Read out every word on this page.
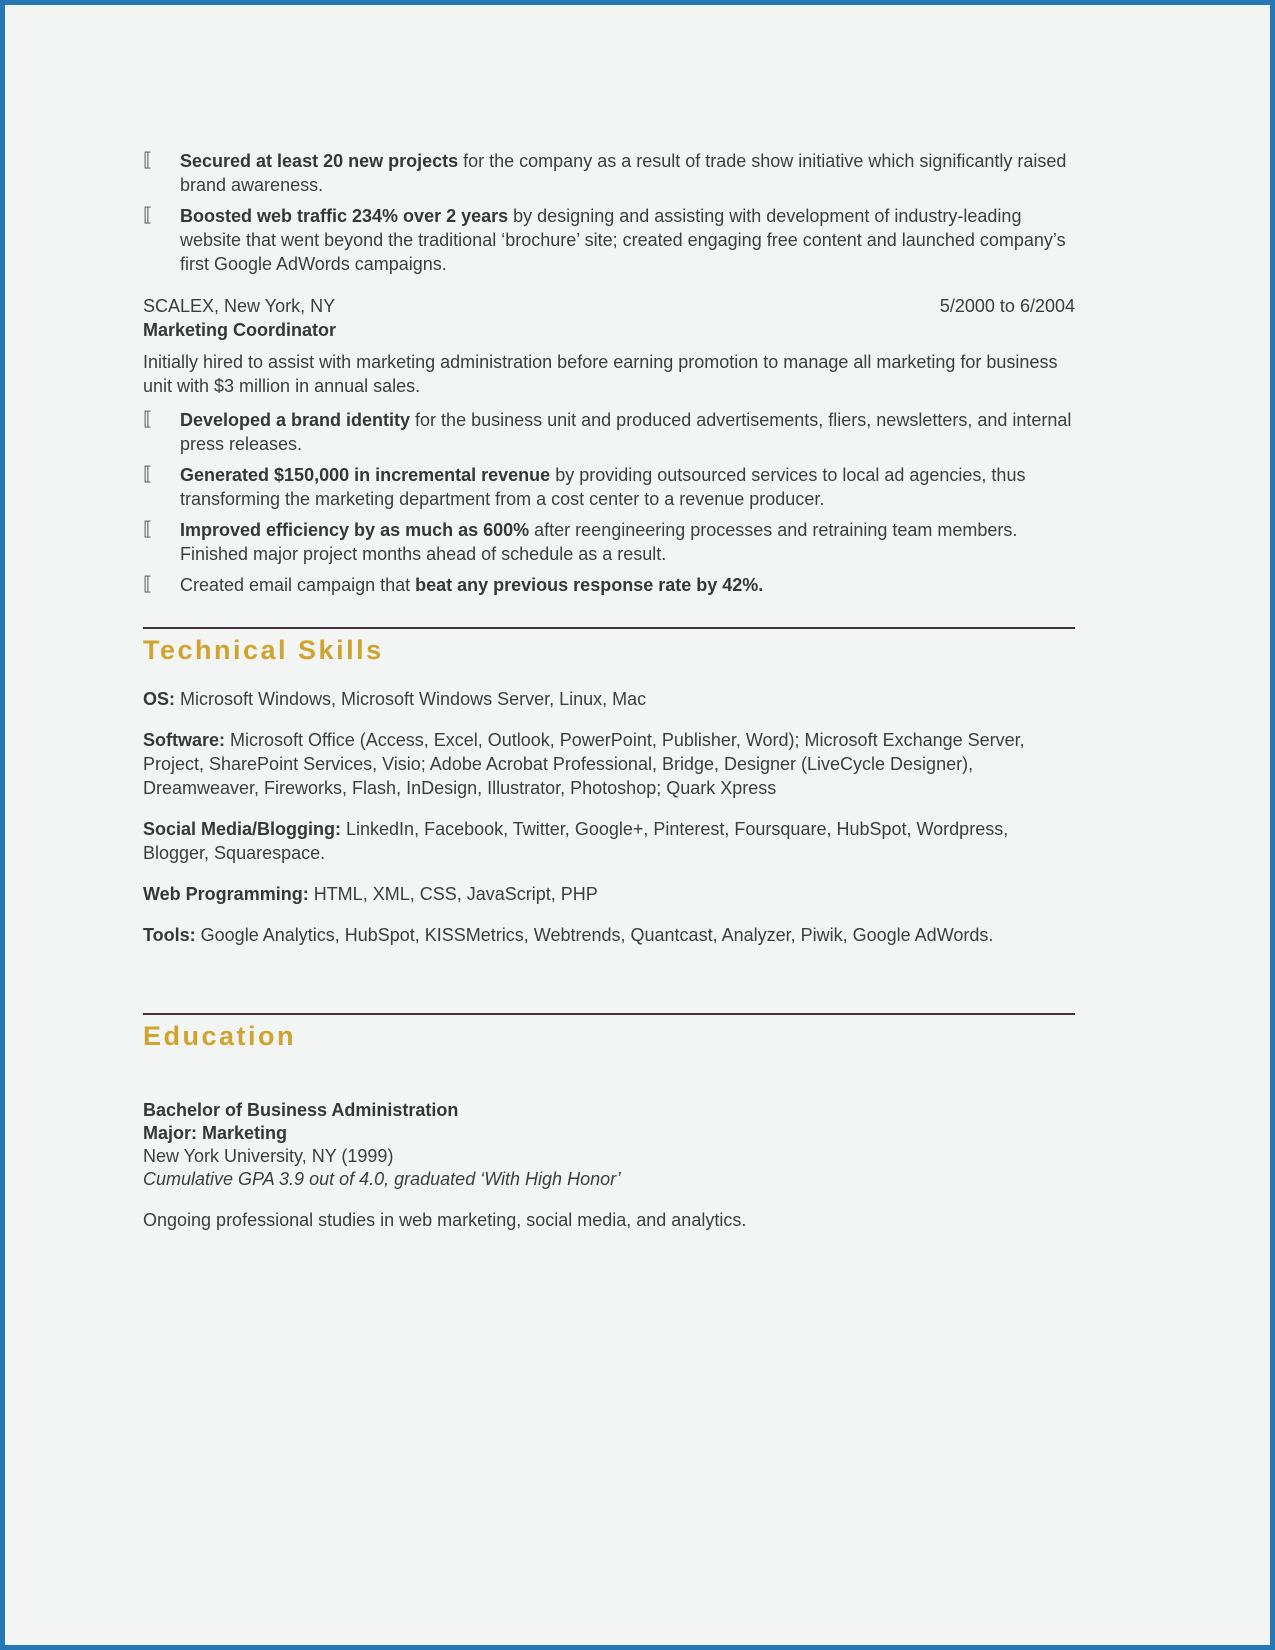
⟦	Secured at least 20 new projects for the company as a result of trade show initiative which significantly raised brand awareness.
⟦	Boosted web traffic 234% over 2 years by designing and assisting with development of industry-leading website that went beyond the traditional ‘brochure’ site; created engaging free content and launched company’s first Google AdWords campaigns.
SCALEX, New York, NY	5/2000 to 6/2004
Marketing Coordinator
Initially hired to assist with marketing administration before earning promotion to manage all marketing for business unit with $3 million in annual sales.
⟦	Developed a brand identity for the business unit and produced advertisements, fliers, newsletters, and internal press releases.
⟦	Generated $150,000 in incremental revenue by providing outsourced services to local ad agencies, thus transforming the marketing department from a cost center to a revenue producer.
⟦	Improved efficiency by as much as 600% after reengineering processes and retraining team members. Finished major project months ahead of schedule as a result.
⟦	Created email campaign that beat any previous response rate by 42%.
Technical Skills
OS: Microsoft Windows, Microsoft Windows Server, Linux, Mac
Software: Microsoft Office (Access, Excel, Outlook, PowerPoint, Publisher, Word); Microsoft Exchange Server, Project, SharePoint Services, Visio; Adobe Acrobat Professional, Bridge, Designer (LiveCycle Designer), Dreamweaver, Fireworks, Flash, InDesign, Illustrator, Photoshop; Quark Xpress
Social Media/Blogging: LinkedIn, Facebook, Twitter, Google+, Pinterest, Foursquare, HubSpot, Wordpress, Blogger, Squarespace.
Web Programming: HTML, XML, CSS, JavaScript, PHP
Tools: Google Analytics, HubSpot, KISSMetrics, Webtrends, Quantcast, Analyzer, Piwik, Google AdWords.
Education
Bachelor of Business Administration
Major: Marketing
New York University, NY (1999)
Cumulative GPA 3.9 out of 4.0, graduated ‘With High Honor’
Ongoing professional studies in web marketing, social media, and analytics.
